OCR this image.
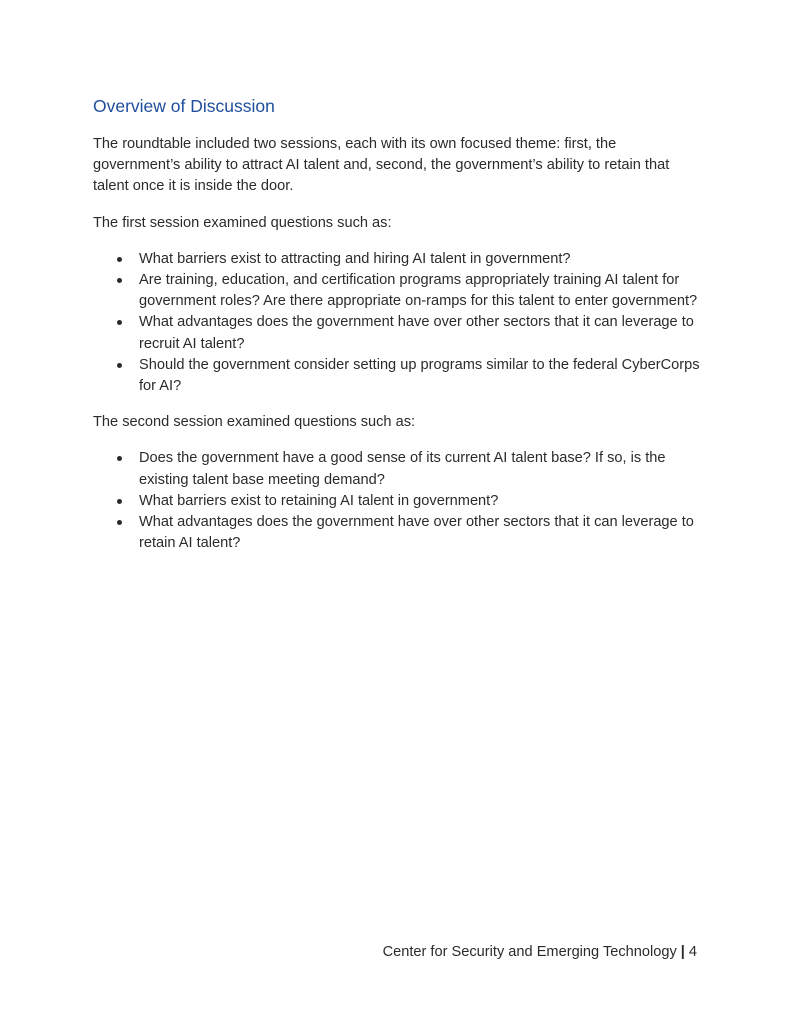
Overview of Discussion

The roundtable included two sessions, each with its own focused theme: first, the government’s ability to attract AI talent and, second, the government’s ability to retain that talent once it is inside the door.

The first session examined questions such as:

What barriers exist to attracting and hiring AI talent in government?
Are training, education, and certification programs appropriately training AI talent for government roles? Are there appropriate on-ramps for this talent to enter government?
What advantages does the government have over other sectors that it can leverage to recruit AI talent?
Should the government consider setting up programs similar to the federal CyberCorps for AI?

The second session examined questions such as:

Does the government have a good sense of its current AI talent base? If so, is the existing talent base meeting demand?
What barriers exist to retaining AI talent in government?
What advantages does the government have over other sectors that it can leverage to retain AI talent?
Center for Security and Emerging Technology | 4
